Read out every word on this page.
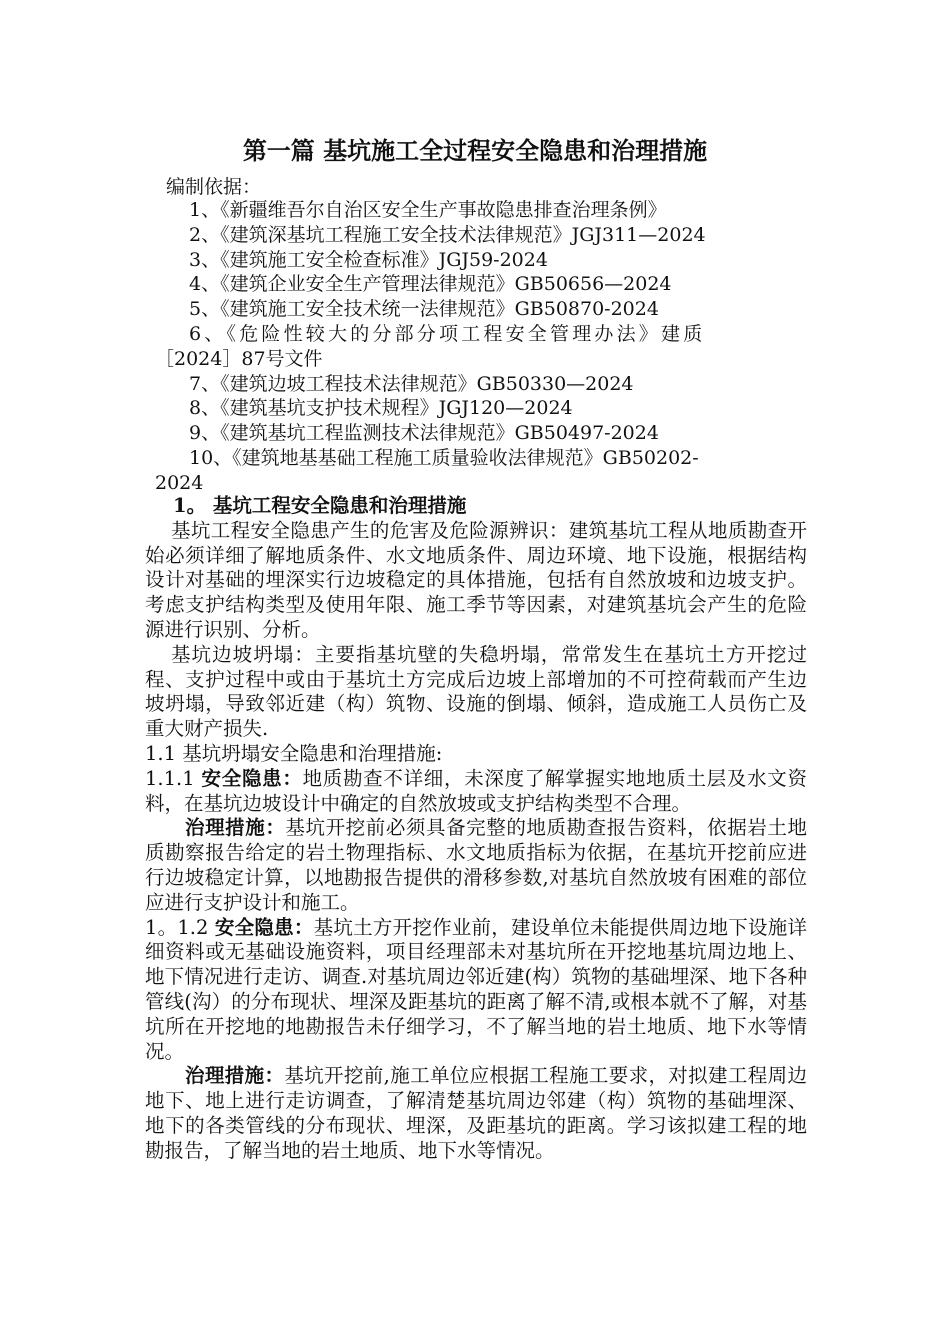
第一篇 基坑施工全过程安全隐患和治理措施
编制依据：
1、《新疆维吾尔自治区安全生产事故隐患排查治理条例》
2、《建筑深基坑工程施工安全技术法律规范》JGJ311—2024
3、《建筑施工安全检查标准》JGJ59-2024
4、《建筑企业安全生产管理法律规范》GB50656—2024
5、《建筑施工安全技术统一法律规范》GB50870-2024
6、《危险性较大的分部分项工程安全管理办法》建质
［2024］87号文件
7、《建筑边坡工程技术法律规范》GB50330—2024
8、《建筑基坑支护技术规程》JGJ120—2024
9、《建筑基坑工程监测技术法律规范》GB50497-2024
10、《建筑地基基础工程施工质量验收法律规范》GB50202-
2024

1。 基坑工程安全隐患和治理措施

基坑工程安全隐患产生的危害及危险源辨识：建筑基坑工程从地质勘查开始必须详细了解地质条件、水文地质条件、周边环境、地下设施，根据结构设计对基础的埋深实行边坡稳定的具体措施，包括有自然放坡和边坡支护。考虑支护结构类型及使用年限、施工季节等因素，对建筑基坑会产生的危险源进行识别、分析。

基坑边坡坍塌：主要指基坑壁的失稳坍塌，常常发生在基坑土方开挖过程、支护过程中或由于基坑土方完成后边坡上部增加的不可控荷载而产生边坡坍塌，导致邻近建（构）筑物、设施的倒塌、倾斜，造成施工人员伤亡及重大财产损失.

1.1 基坑坍塌安全隐患和治理措施:

1.1.1 安全隐患：地质勘查不详细，未深度了解掌握实地地质土层及水文资料，在基坑边坡设计中确定的自然放坡或支护结构类型不合理。

治理措施：基坑开挖前必须具备完整的地质勘查报告资料，依据岩土地质勘察报告给定的岩土物理指标、水文地质指标为依据，在基坑开挖前应进行边坡稳定计算，以地勘报告提供的滑移参数,对基坑自然放坡有困难的部位应进行支护设计和施工。

1。1.2 安全隐患：基坑土方开挖作业前，建设单位未能提供周边地下设施详细资料或无基础设施资料，项目经理部未对基坑所在开挖地基坑周边地上、地下情况进行走访、调查.对基坑周边邻近建(构）筑物的基础埋深、地下各种管线(沟）的分布现状、埋深及距基坑的距离了解不清,或根本就不了解，对基坑所在开挖地的地勘报告未仔细学习，不了解当地的岩土地质、地下水等情况。

治理措施：基坑开挖前,施工单位应根据工程施工要求，对拟建工程周边地下、地上进行走访调查，了解清楚基坑周边邻建（构）筑物的基础埋深、地下的各类管线的分布现状、埋深，及距基坑的距离。学习该拟建工程的地勘报告，了解当地的岩土地质、地下水等情况。
